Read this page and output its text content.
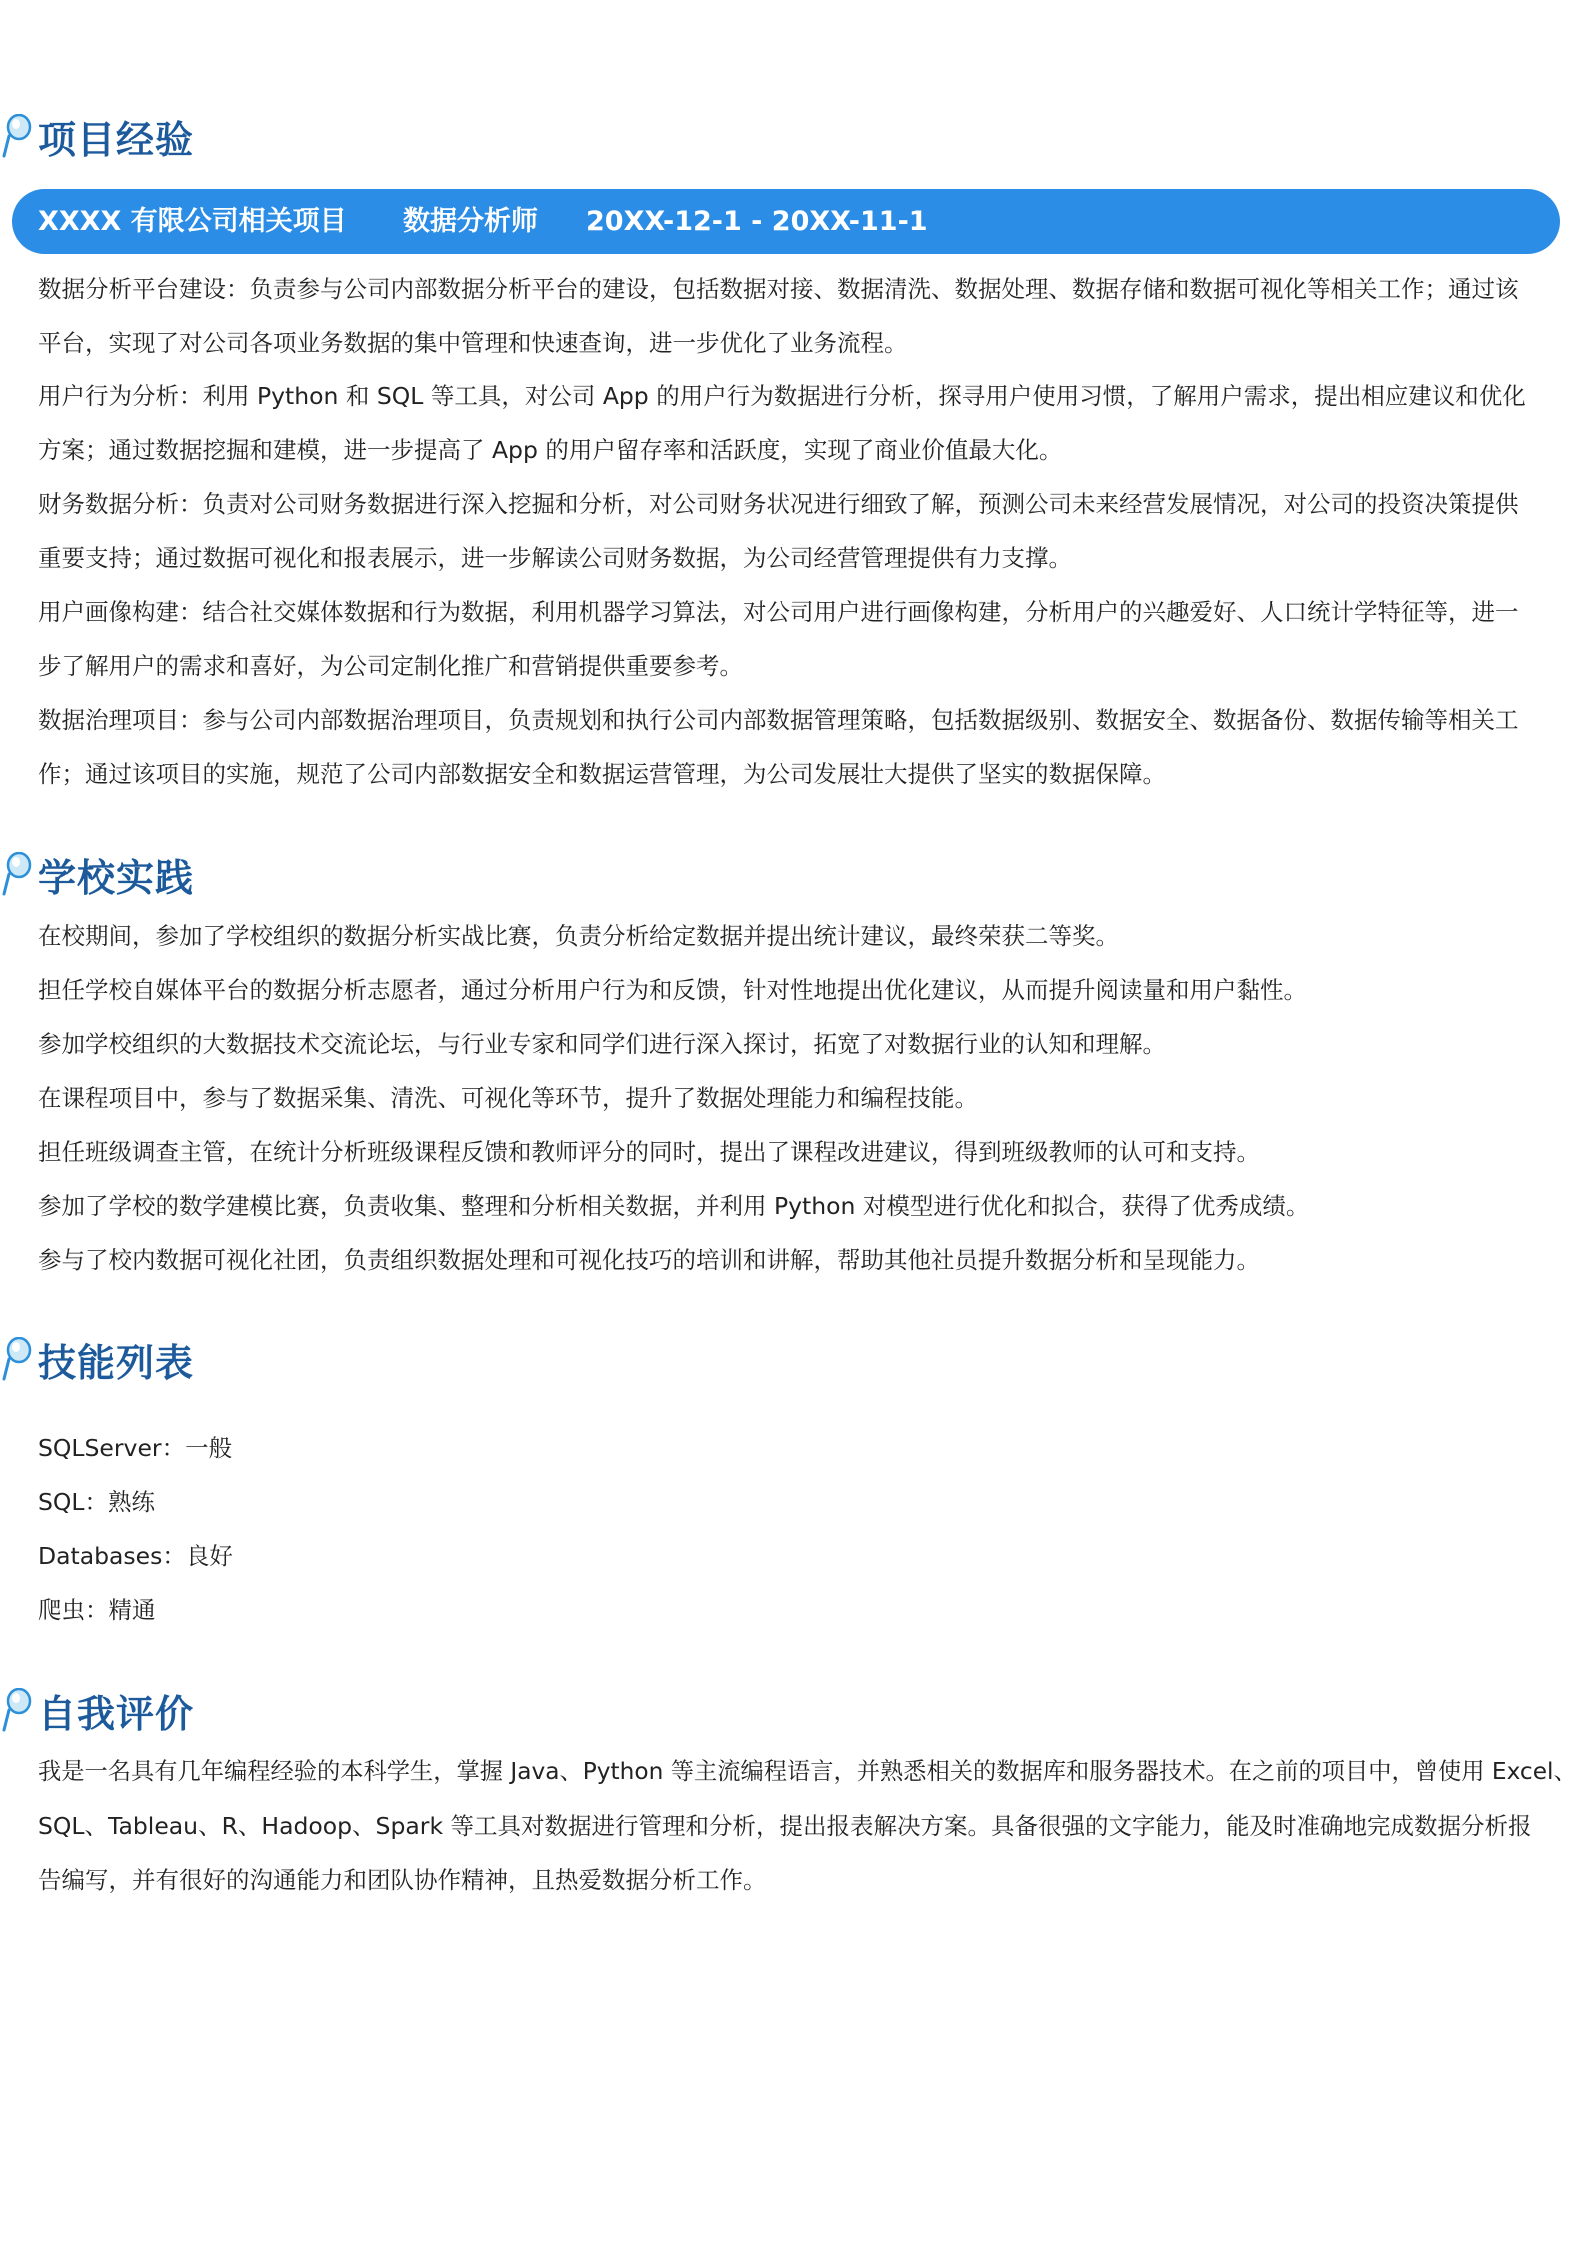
项目经验
XXXX 有限公司相关项目 数据分析师 20XX-12-1 - 20XX-11-1

数据分析平台建设：负责参与公司内部数据分析平台的建设，包括数据对接、数据清洗、数据处理、数据存储和数据可视化等相关工作；通过该

平台，实现了对公司各项业务数据的集中管理和快速查询，进一步优化了业务流程。

用户行为分析：利用 Python 和 SQL 等工具，对公司 App 的用户行为数据进行分析，探寻用户使用习惯，了解用户需求，提出相应建议和优化

方案；通过数据挖掘和建模，进一步提高了 App 的用户留存率和活跃度，实现了商业价值最大化。

财务数据分析：负责对公司财务数据进行深入挖掘和分析，对公司财务状况进行细致了解，预测公司未来经营发展情况，对公司的投资决策提供

重要支持；通过数据可视化和报表展示，进一步解读公司财务数据，为公司经营管理提供有力支撑。

用户画像构建：结合社交媒体数据和行为数据，利用机器学习算法，对公司用户进行画像构建，分析用户的兴趣爱好、人口统计学特征等，进一

步了解用户的需求和喜好，为公司定制化推广和营销提供重要参考。

数据治理项目：参与公司内部数据治理项目，负责规划和执行公司内部数据管理策略，包括数据级别、数据安全、数据备份、数据传输等相关工

作；通过该项目的实施，规范了公司内部数据安全和数据运营管理，为公司发展壮大提供了坚实的数据保障。

学校实践

在校期间，参加了学校组织的数据分析实战比赛，负责分析给定数据并提出统计建议，最终荣获二等奖。

担任学校自媒体平台的数据分析志愿者，通过分析用户行为和反馈，针对性地提出优化建议，从而提升阅读量和用户黏性。

参加学校组织的大数据技术交流论坛，与行业专家和同学们进行深入探讨，拓宽了对数据行业的认知和理解。

在课程项目中，参与了数据采集、清洗、可视化等环节，提升了数据处理能力和编程技能。

担任班级调查主管，在统计分析班级课程反馈和教师评分的同时，提出了课程改进建议，得到班级教师的认可和支持。

参加了学校的数学建模比赛，负责收集、整理和分析相关数据，并利用 Python 对模型进行优化和拟合，获得了优秀成绩。

参与了校内数据可视化社团，负责组织数据处理和可视化技巧的培训和讲解，帮助其他社员提升数据分析和呈现能力。

技能列表

SQLServer：一般

SQL：熟练

Databases：良好

爬虫：精通

自我评价

我是一名具有几年编程经验的本科学生，掌握 Java、Python 等主流编程语言，并熟悉相关的数据库和服务器技术。在之前的项目中，曾使用 Excel、

SQL、Tableau、R、Hadoop、Spark 等工具对数据进行管理和分析，提出报表解决方案。具备很强的文字能力，能及时准确地完成数据分析报

告编写，并有很好的沟通能力和团队协作精神，且热爱数据分析工作。
